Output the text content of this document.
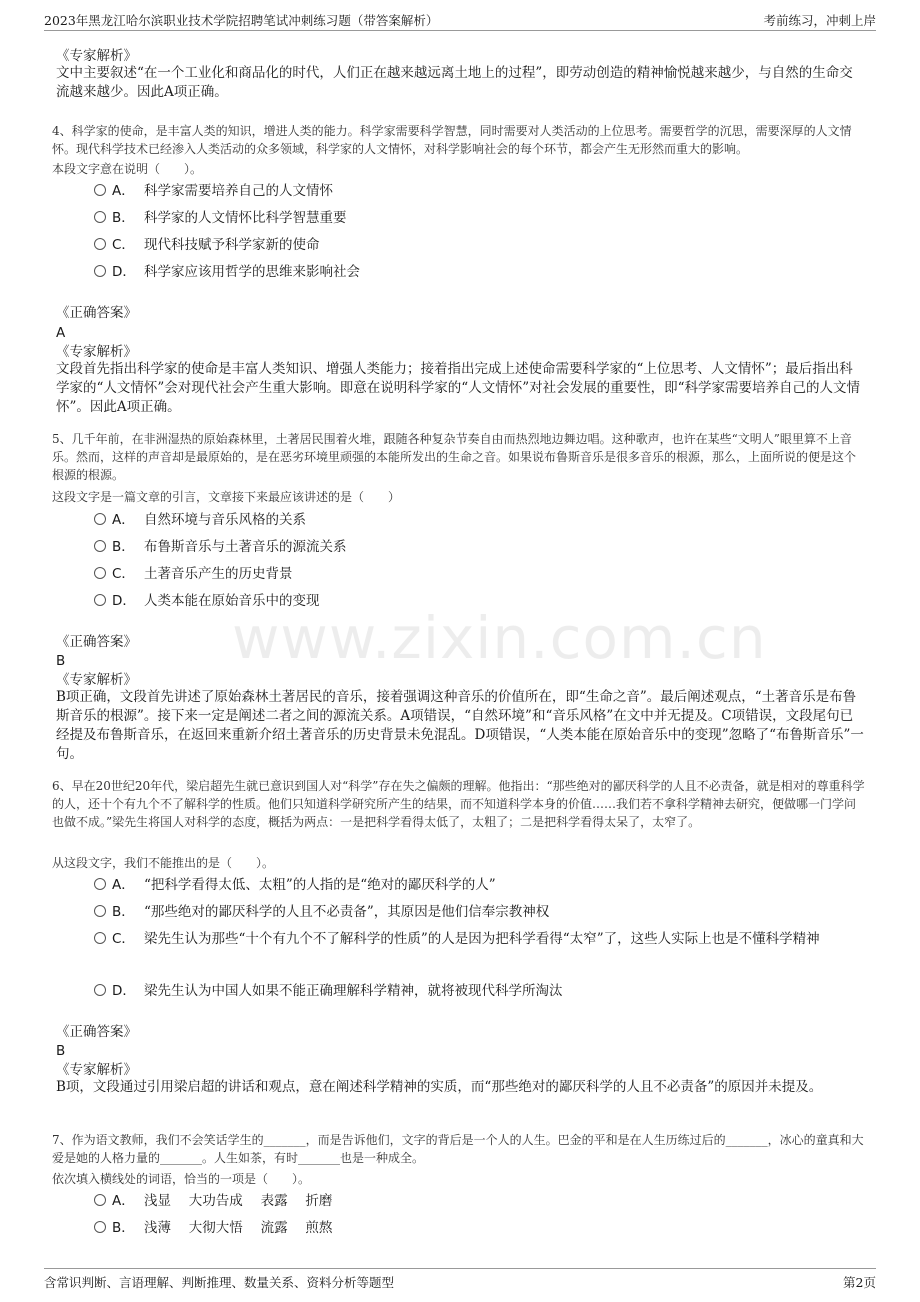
2023年黑龙江哈尔滨职业技术学院招聘笔试冲刺练习题（带答案解析）	考前练习，冲刺上岸
www.zixin.com.cn
《专家解析》
文中主要叙述“在一个工业化和商品化的时代，人们正在越来越远离土地上的过程”，即劳动创造的精神愉悦越来越少，与自然的生命交流越来越少。因此A项正确。
4、科学家的使命，是丰富人类的知识，增进人类的能力。科学家需要科学智慧，同时需要对人类活动的上位思考。需要哲学的沉思，需要深厚的人文情怀。现代科学技术已经渗入人类活动的众多领域，科学家的人文情怀，对科学影响社会的每个环节，都会产生无形然而重大的影响。
本段文字意在说明（　　）。
A． 科学家需要培养自己的人文情怀
B． 科学家的人文情怀比科学智慧重要
C． 现代科技赋予科学家新的使命
D． 科学家应该用哲学的思维来影响社会
《正确答案》
A
《专家解析》
文段首先指出科学家的使命是丰富人类知识、增强人类能力；接着指出完成上述使命需要科学家的“上位思考、人文情怀”；最后指出科学家的“人文情怀”会对现代社会产生重大影响。即意在说明科学家的“人文情怀”对社会发展的重要性，即“科学家需要培养自己的人文情怀”。因此A项正确。
5、几千年前，在非洲湿热的原始森林里，土著居民围着火堆，跟随各种复杂节奏自由而热烈地边舞边唱。这种歌声，也许在某些“文明人”眼里算不上音乐。然而，这样的声音却是最原始的，是在恶劣环境里顽强的本能所发出的生命之音。如果说布鲁斯音乐是很多音乐的根源，那么，上面所说的便是这个根源的根源。
这段文字是一篇文章的引言，文章接下来最应该讲述的是（　　）
A． 自然环境与音乐风格的关系
B． 布鲁斯音乐与土著音乐的源流关系
C． 土著音乐产生的历史背景
D． 人类本能在原始音乐中的变现
《正确答案》
B
《专家解析》
B项正确，文段首先讲述了原始森林土著居民的音乐，接着强调这种音乐的价值所在，即“生命之音”。最后阐述观点，“土著音乐是布鲁斯音乐的根源”。接下来一定是阐述二者之间的源流关系。A项错误，“自然环境”和“音乐风格”在文中并无提及。C项错误，文段尾句已经提及布鲁斯音乐，在返回来重新介绍土著音乐的历史背景未免混乱。D项错误，“人类本能在原始音乐中的变现”忽略了“布鲁斯音乐”一句。
6、早在20世纪20年代，梁启超先生就已意识到国人对“科学”存在失之偏颇的理解。他指出：“那些绝对的鄙厌科学的人且不必责备，就是相对的尊重科学的人，还十个有九个不了解科学的性质。他们只知道科学研究所产生的结果，而不知道科学本身的价值……我们若不拿科学精神去研究，便做哪一门学问也做不成。”梁先生将国人对科学的态度，概括为两点：一是把科学看得太低了，太粗了；二是把科学看得太呆了，太窄了。
从这段文字，我们不能推出的是（　　）。
A． “把科学看得太低、太粗”的人指的是“绝对的鄙厌科学的人”
B． “那些绝对的鄙厌科学的人且不必责备”，其原因是他们信奉宗教神权
C． 梁先生认为那些“十个有九个不了解科学的性质”的人是因为把科学看得“太窄”了，这些人实际上也是不懂科学精神
D． 梁先生认为中国人如果不能正确理解科学精神，就将被现代科学所淘汰
《正确答案》
B
《专家解析》
B项，文段通过引用梁启超的讲话和观点，意在阐述科学精神的实质，而“那些绝对的鄙厌科学的人且不必责备”的原因并未提及。
7、作为语文教师，我们不会笑话学生的_______，而是告诉他们，文字的背后是一个人的人生。巴金的平和是在人生历练过后的_______，冰心的童真和大爱是她的人格力量的_______。人生如茶，有时_______也是一种成全。
依次填入横线处的词语，恰当的一项是（　　）。
A． 浅显　 大功告成　 表露　 折磨
B． 浅薄　 大彻大悟　 流露　 煎熬
含常识判断、言语理解、判断推理、数量关系、资料分析等题型	第2页
